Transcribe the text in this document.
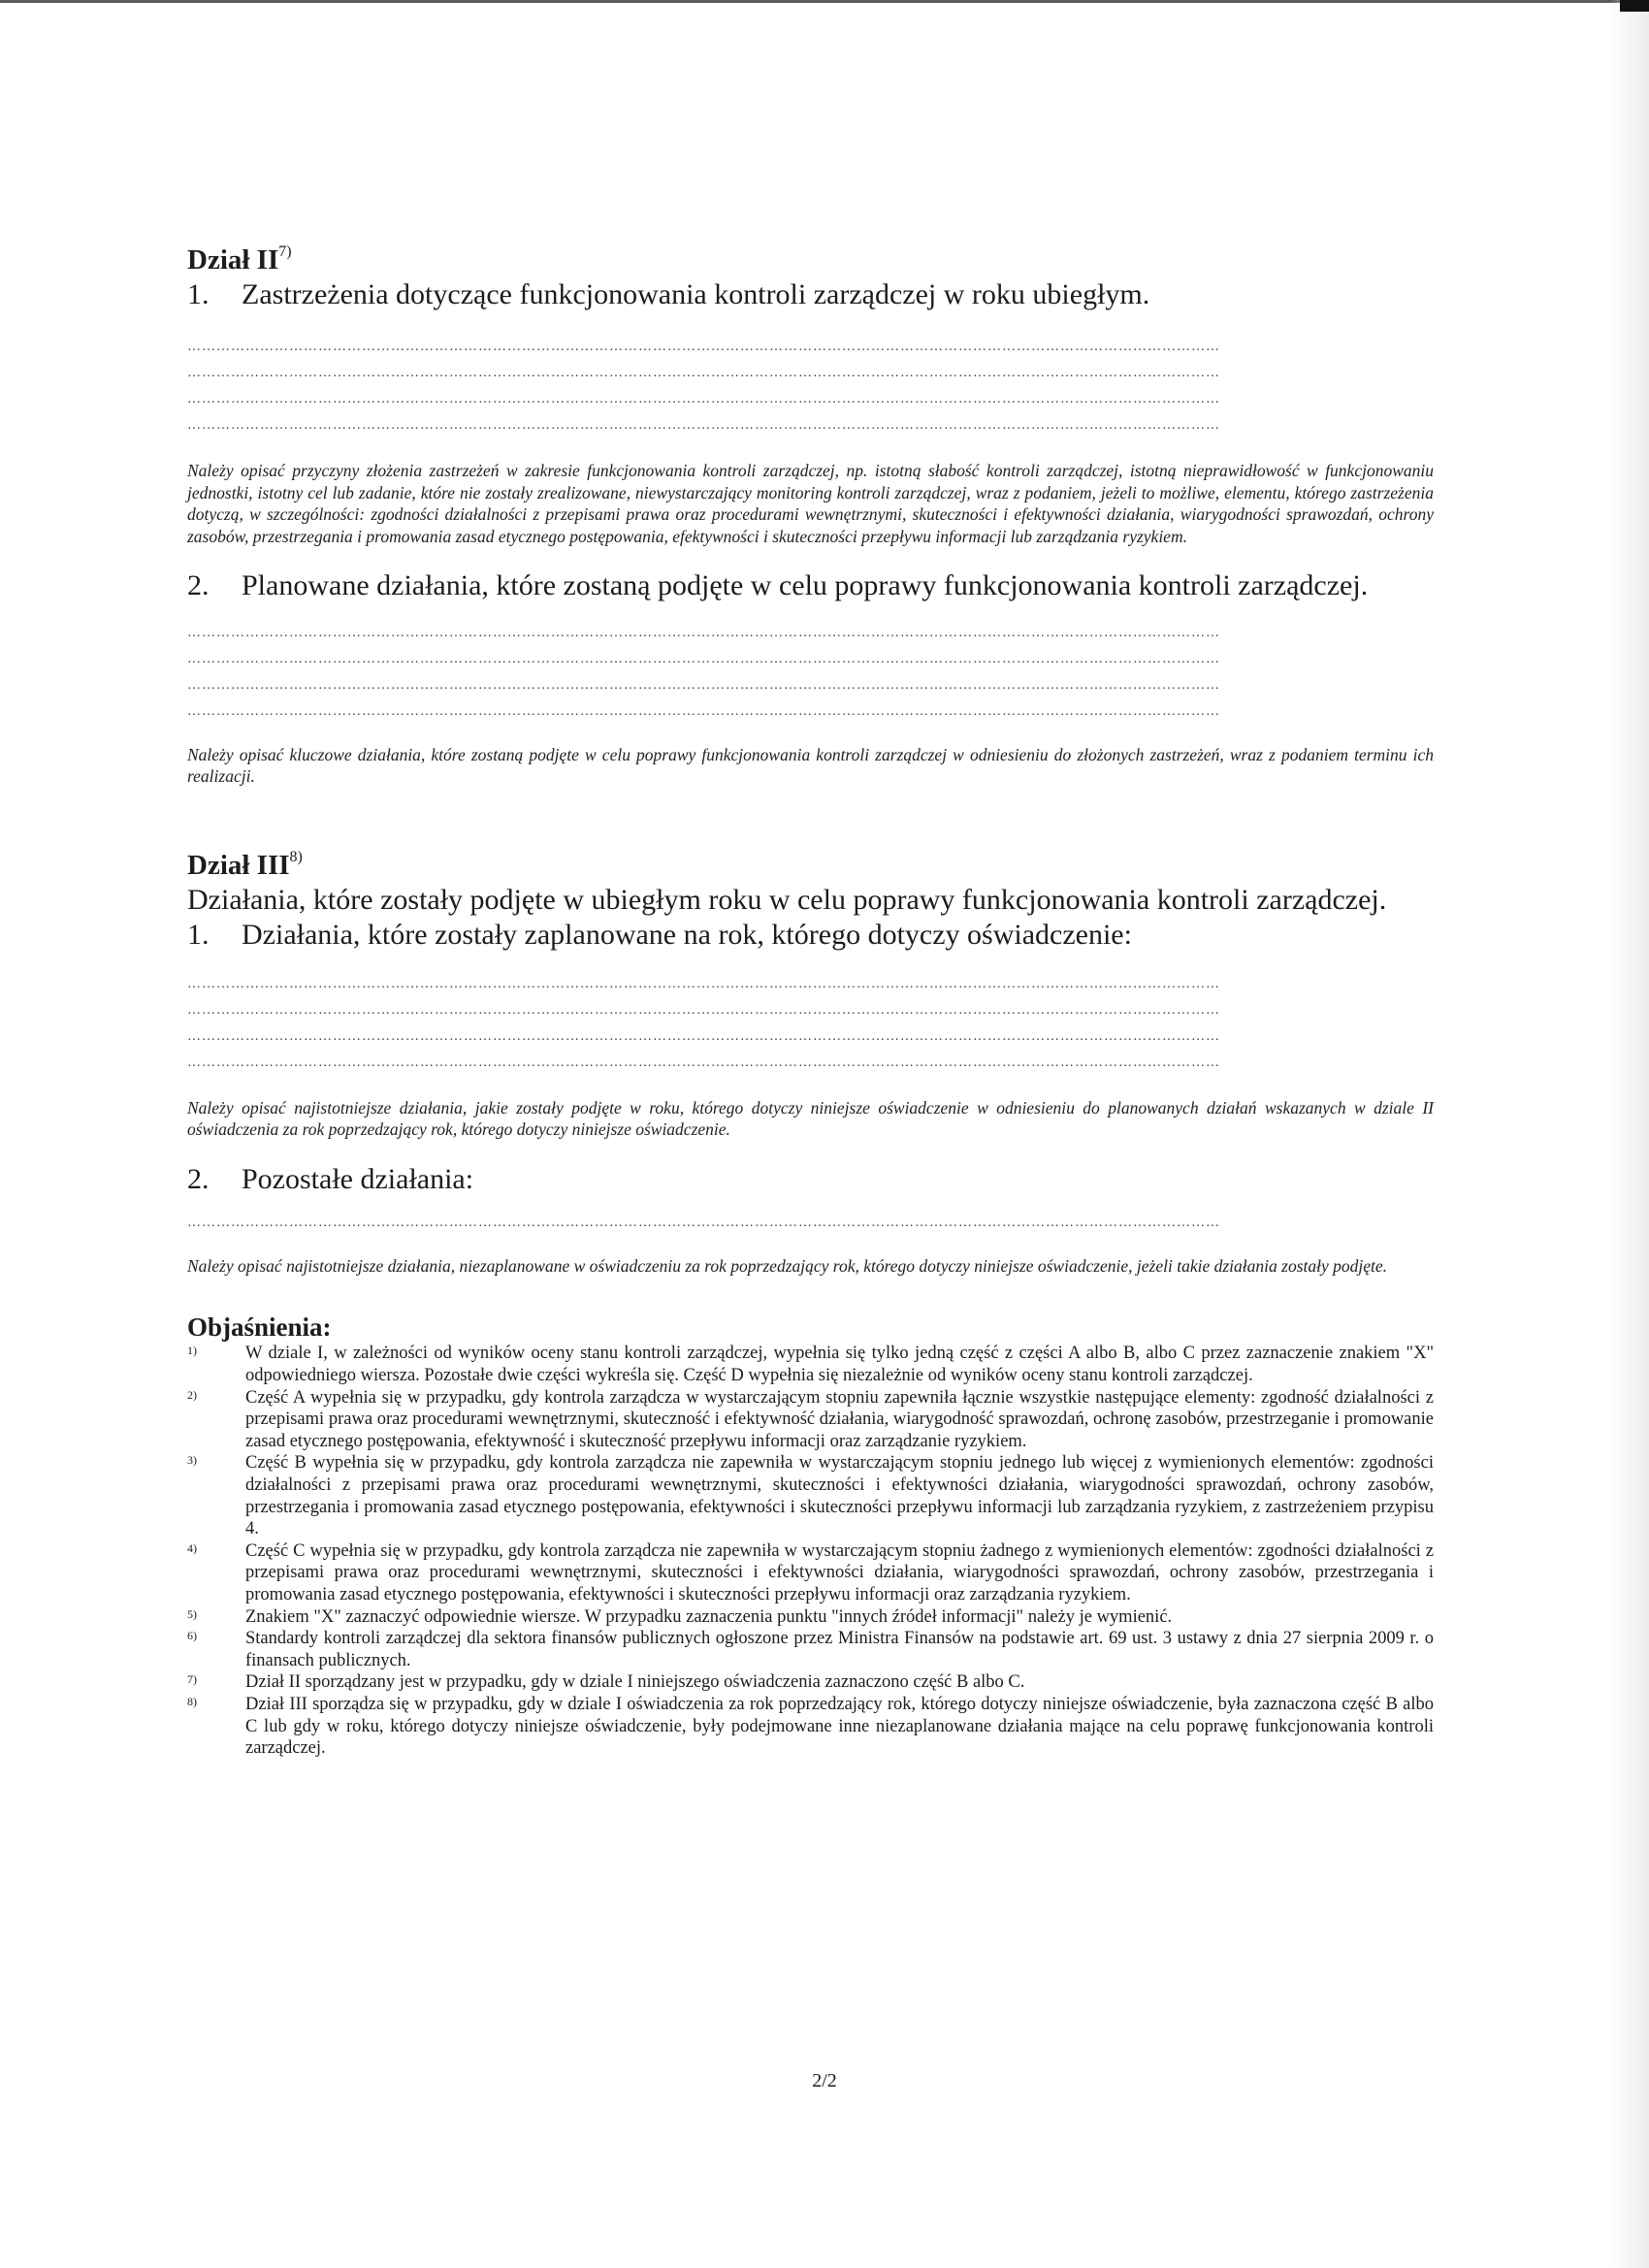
Dział II$^{7)}$
1. Zastrzeżenia dotyczące funkcjonowania kontroli zarządczej w roku ubiegłym.
……………………………………………………………………………………………………………………………………………………………………………………………
……………………………………………………………………………………………………………………………………………………………………………………………
……………………………………………………………………………………………………………………………………………………………………………………………
……………………………………………………………………………………………………………………………………………………………………………………………
Należy opisać przyczyny złożenia zastrzeżeń w zakresie funkcjonowania kontroli zarządczej, np. istotną słabość kontroli zarządczej, istotną nieprawidłowość w funkcjonowaniu jednostki, istotny cel lub zadanie, które nie zostały zrealizowane, niewystarczający monitoring kontroli zarządczej, wraz z podaniem, jeżeli to możliwe, elementu, którego zastrzeżenia dotyczą, w szczególności: zgodności działalności z przepisami prawa oraz procedurami wewnętrznymi, skuteczności i efektywności działania, wiarygodności sprawozdań, ochrony zasobów, przestrzegania i promowania zasad etycznego postępowania, efektywności i skuteczności przepływu informacji lub zarządzania ryzykiem.
2. Planowane działania, które zostaną podjęte w celu poprawy funkcjonowania kontroli zarządczej.
……………………………………………………………………………………………………………………………………………………………………………………………
……………………………………………………………………………………………………………………………………………………………………………………………
……………………………………………………………………………………………………………………………………………………………………………………………
……………………………………………………………………………………………………………………………………………………………………………………………
Należy opisać kluczowe działania, które zostaną podjęte w celu poprawy funkcjonowania kontroli zarządczej w odniesieniu do złożonych zastrzeżeń, wraz z podaniem terminu ich realizacji.
Dział III$^{8)}$
Działania, które zostały podjęte w ubiegłym roku w celu poprawy funkcjonowania kontroli zarządczej.
1. Działania, które zostały zaplanowane na rok, którego dotyczy oświadczenie:
……………………………………………………………………………………………………………………………………………………………………………………………
……………………………………………………………………………………………………………………………………………………………………………………………
……………………………………………………………………………………………………………………………………………………………………………………………
……………………………………………………………………………………………………………………………………………………………………………………………
Należy opisać najistotniejsze działania, jakie zostały podjęte w roku, którego dotyczy niniejsze oświadczenie w odniesieniu do planowanych działań wskazanych w dziale II oświadczenia za rok poprzedzający rok, którego dotyczy niniejsze oświadczenie.
2. Pozostałe działania:
……………………………………………………………………………………………………………………………………………………………………………………………
Należy opisać najistotniejsze działania, niezaplanowane w oświadczeniu za rok poprzedzający rok, którego dotyczy niniejsze oświadczenie, jeżeli takie działania zostały podjęte.
Objaśnienia:
1)	W dziale I, w zależności od wyników oceny stanu kontroli zarządczej, wypełnia się tylko jedną część z części A albo B, albo C przez zaznaczenie znakiem "X" odpowiedniego wiersza. Pozostałe dwie części wykreśla się. Część D wypełnia się niezależnie od wyników oceny stanu kontroli zarządczej.
2)	Część A wypełnia się w przypadku, gdy kontrola zarządcza w wystarczającym stopniu zapewniła łącznie wszystkie następujące elementy: zgodność działalności z przepisami prawa oraz procedurami wewnętrznymi, skuteczność i efektywność działania, wiarygodność sprawozdań, ochronę zasobów, przestrzeganie i promowanie zasad etycznego postępowania, efektywność i skuteczność przepływu informacji oraz zarządzanie ryzykiem.
3)	Część B wypełnia się w przypadku, gdy kontrola zarządcza nie zapewniła w wystarczającym stopniu jednego lub więcej z wymienionych elementów: zgodności działalności z przepisami prawa oraz procedurami wewnętrznymi, skuteczności i efektywności działania, wiarygodności sprawozdań, ochrony zasobów, przestrzegania i promowania zasad etycznego postępowania, efektywności i skuteczności przepływu informacji lub zarządzania ryzykiem, z zastrzeżeniem przypisu 4.
4)	Część C wypełnia się w przypadku, gdy kontrola zarządcza nie zapewniła w wystarczającym stopniu żadnego z wymienionych elementów: zgodności działalności z przepisami prawa oraz procedurami wewnętrznymi, skuteczności i efektywności działania, wiarygodności sprawozdań, ochrony zasobów, przestrzegania i promowania zasad etycznego postępowania, efektywności i skuteczności przepływu informacji oraz zarządzania ryzykiem.
5)	Znakiem "X" zaznaczyć odpowiednie wiersze. W przypadku zaznaczenia punktu "innych źródeł informacji" należy je wymienić.
6)	Standardy kontroli zarządczej dla sektora finansów publicznych ogłoszone przez Ministra Finansów na podstawie art. 69 ust. 3 ustawy z dnia 27 sierpnia 2009 r. o finansach publicznych.
7)	Dział II sporządzany jest w przypadku, gdy w dziale I niniejszego oświadczenia zaznaczono część B albo C.
8)	Dział III sporządza się w przypadku, gdy w dziale I oświadczenia za rok poprzedzający rok, którego dotyczy niniejsze oświadczenie, była zaznaczona część B albo C lub gdy w roku, którego dotyczy niniejsze oświadczenie, były podejmowane inne niezaplanowane działania mające na celu poprawę funkcjonowania kontroli zarządczej.
2/2
